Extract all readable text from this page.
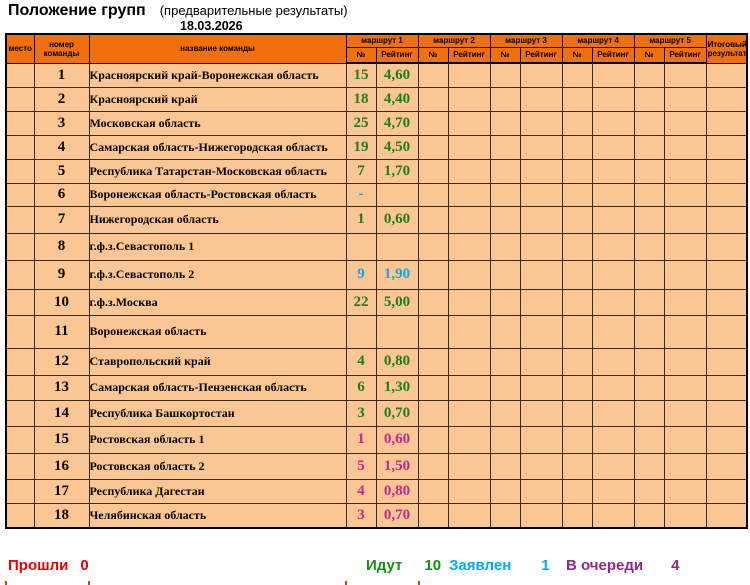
Положение групп (предварительные результаты)
18.03.2026
место	номер команды	название команды	маршрут 1		маршрут 2		маршрут 3		маршрут 4		маршрут 5		Итоговый результат
			№	Рейтинг	№	Рейтинг	№	Рейтинг	№	Рейтинг	№	Рейтинг	
	1	Красноярский край-Воронежская область	15	4,60									
	2	Красноярский край	18	4,40									
	3	Московская область	25	4,70									
	4	Самарская область-Нижегородская область	19	4,50									
	5	Республика Татарстан-Московская область	7	1,70									
	6	Воронежская область-Ростовская область	-										
	7	Нижегородская область	1	0,60									
	8	г.ф.з.Севастополь 1											
	9	г.ф.з.Севастополь 2	9	1,90									
	10	г.ф.з.Москва	22	5,00									
	11	Воронежская область											
	12	Ставропольский край	4	0,80									
	13	Самарская область-Пензенская область	6	1,30									
	14	Республика Башкортостан	3	0,70									
	15	Ростовская область 1	1	0,60									
	16	Ростовская область 2	5	1,50									
	17	Республика Дагестан	4	0,80									
	18	Челябинская область	3	0,70									
Прошли 0	Идут 10 Заявлен 1 В очереди 4
